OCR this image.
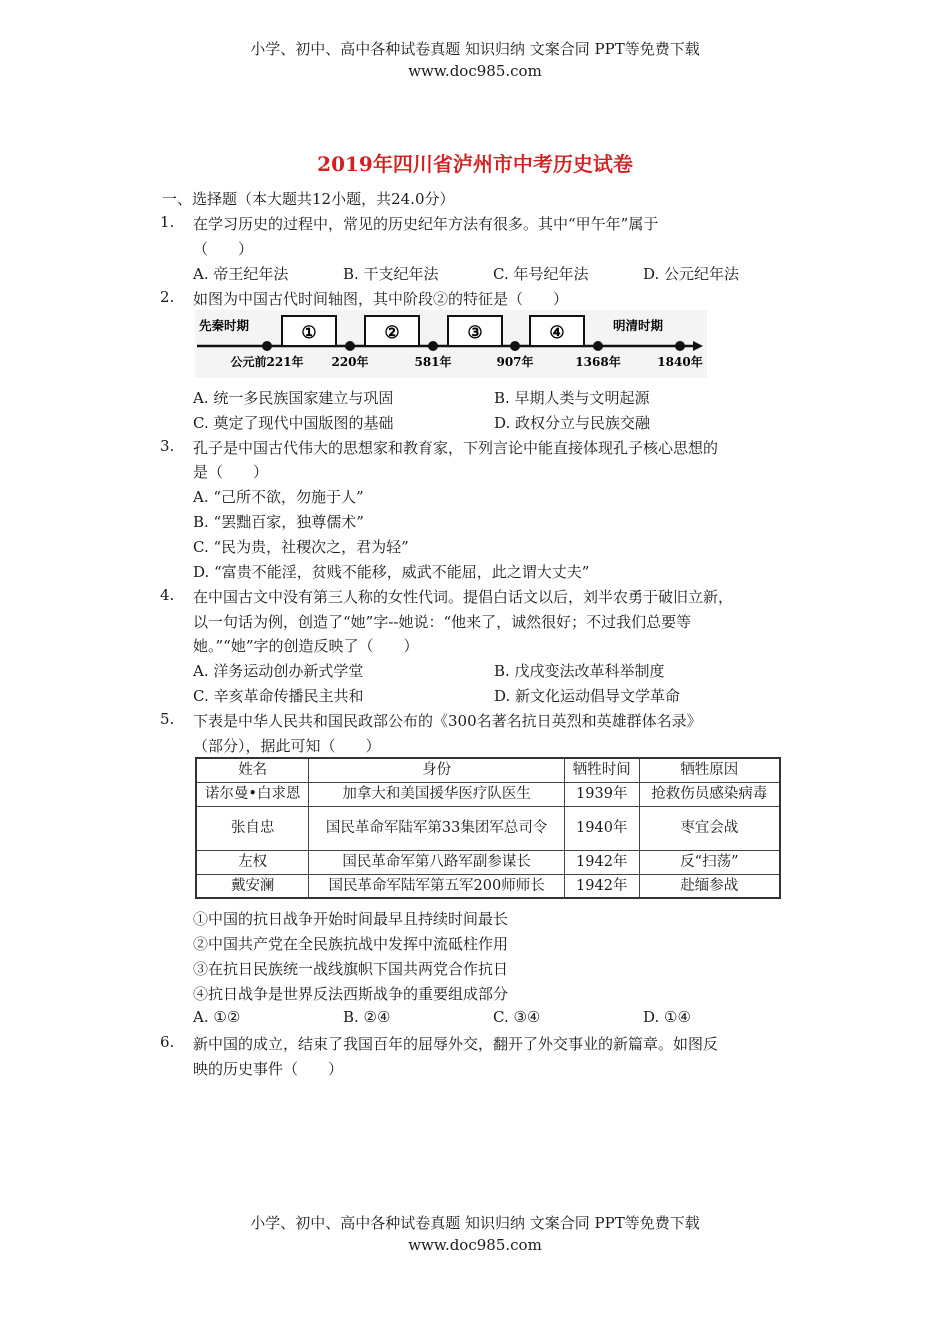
小学、初中、高中各种试卷真题 知识归纳 文案合同 PPT等免费下载
www.doc985.com
2019年四川省泸州市中考历史试卷
一、选择题（本大题共12小题，共24.0分）
1. 在学习历史的过程中，常见的历史纪年方法有很多。其中“甲午年”属于
（　　）
A. 帝王纪年法	B. 干支纪年法	C. 年号纪年法	D. 公元纪年法
2. 如图为中国古代时间轴图，其中阶段②的特征是（　　）
①	②	③	④
先秦时期	明清时期
公元前221年 220年	581年	907年	1368年	1840年
A. 统一多民族国家建立与巩固	B. 早期人类与文明起源
C. 奠定了现代中国版图的基础	D. 政权分立与民族交融
3. 孔子是中国古代伟大的思想家和教育家，下列言论中能直接体现孔子核心思想的
是（　　）
A. “己所不欲，勿施于人”
B. “罢黜百家，独尊儒术”
C. “民为贵，社稷次之，君为轻”
D. “富贵不能淫，贫贱不能移，威武不能屈，此之谓大丈夫”
4. 在中国古文中没有第三人称的女性代词。提倡白话文以后，刘半农勇于破旧立新，
以一句话为例，创造了“她”字--她说：“他来了，诚然很好；不过我们总要等
她。”“她”字的创造反映了（　　）
A. 洋务运动创办新式学堂	B. 戊戌变法改革科举制度
C. 辛亥革命传播民主共和	D. 新文化运动倡导文学革命
5. 下表是中华人民共和国民政部公布的《300名著名抗日英烈和英雄群体名录》
（部分），据此可知（　　）
姓名	身份	牺牲时间	牺牲原因
诺尔曼•白求恩	加拿大和美国援华医疗队医生	1939年	抢救伤员感染病毒
张自忠	国民革命军陆军第33集团军总司令	1940年	枣宜会战
左权	国民革命军第八路军副参谋长	1942年	反“扫荡”
戴安澜	国民革命军陆军第五军200师师长	1942年	赴缅参战
①中国的抗日战争开始时间最早且持续时间最长
②中国共产党在全民族抗战中发挥中流砥柱作用
③在抗日民族统一战线旗帜下国共两党合作抗日
④抗日战争是世界反法西斯战争的重要组成部分
A. ①②	B. ②④	C. ③④	D. ①④
6. 新中国的成立，结束了我国百年的屈辱外交，翻开了外交事业的新篇章。如图反
映的历史事件（　　）
小学、初中、高中各种试卷真题 知识归纳 文案合同 PPT等免费下载
www.doc985.com
